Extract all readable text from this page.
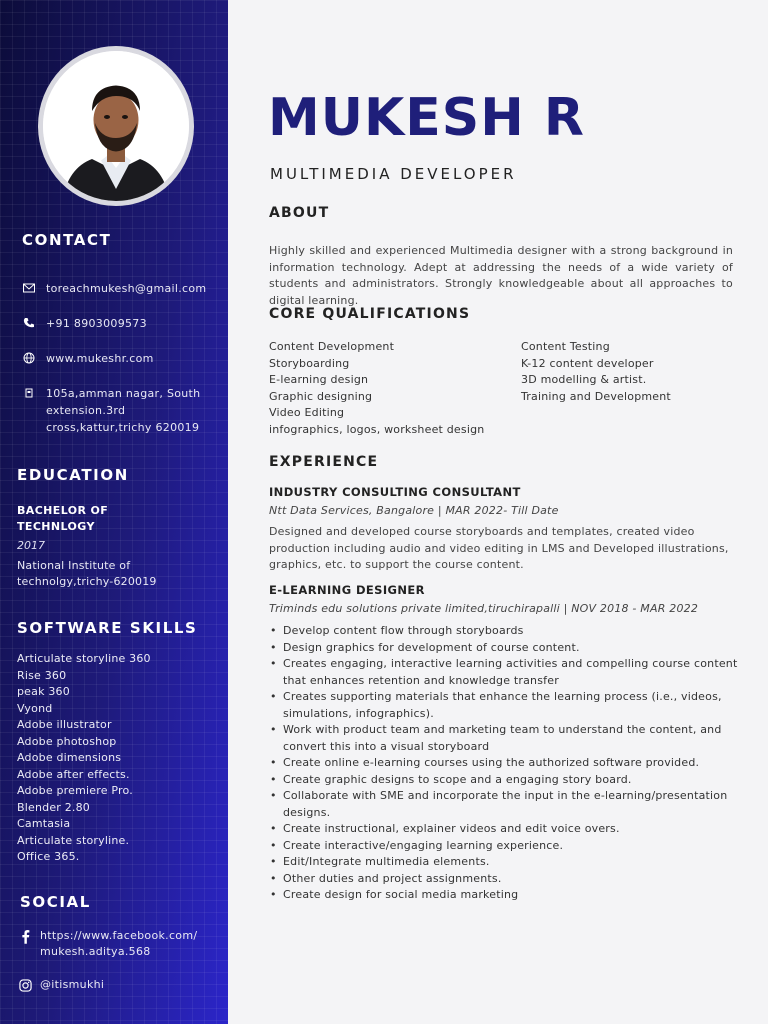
CONTACT
toreachmukesh@gmail.com
+91 8903009573
www.mukeshr.com
105a,amman nagar, South extension.3rd cross,kattur,trichy 620019
EDUCATION
BACHELOR OF TECHNLOGY
2017
National Institute of technolgy,trichy-620019
SOFTWARE SKILLS
Articulate storyline 360
Rise 360
peak 360
Vyond
Adobe illustrator
Adobe photoshop
Adobe dimensions
Adobe after effects.
Adobe premiere Pro.
Blender 2.80
Camtasia
Articulate storyline.
Office 365.
SOCIAL
https://www.facebook.com/ mukesh.aditya.568
@itismukhi
MUKESH R
MULTIMEDIA DEVELOPER
ABOUT

Highly skilled and experienced Multimedia designer with a strong background in information technology. Adept at addressing the needs of a wide variety of students and administrators. Strongly knowledgeable about all approaches to digital learning.

CORE QUALIFICATIONS
Content Development
Storyboarding
E-learning design
Graphic designing
Video Editing
infographics, logos, worksheet design
Content Testing
K-12 content developer
3D modelling & artist.
Training and Development
EXPERIENCE
INDUSTRY CONSULTING CONSULTANT
Ntt Data Services, Bangalore | MAR 2022- Till Date

Designed and developed course storyboards and templates, created video production including audio and video editing in LMS and Developed illustrations, graphics, etc. to support the course content.

E-LEARNING DESIGNER
Triminds edu solutions private limited,tiruchirapalli | NOV 2018 - MAR 2022
• Develop content flow through storyboards
• Design graphics for development of course content.
• Creates engaging, interactive learning activities and compelling course content that enhances retention and knowledge transfer
• Creates supporting materials that enhance the learning process (i.e., videos, simulations, infographics).
• Work with product team and marketing team to understand the content, and convert this into a visual storyboard
• Create online e-learning courses using the authorized software provided.
• Create graphic designs to scope and a engaging story board.
• Collaborate with SME and incorporate the input in the e-learning/presentation designs.
• Create instructional, explainer videos and edit voice overs.
• Create interactive/engaging learning experience.
• Edit/Integrate multimedia elements.
• Other duties and project assignments.
• Create design for social media marketing
